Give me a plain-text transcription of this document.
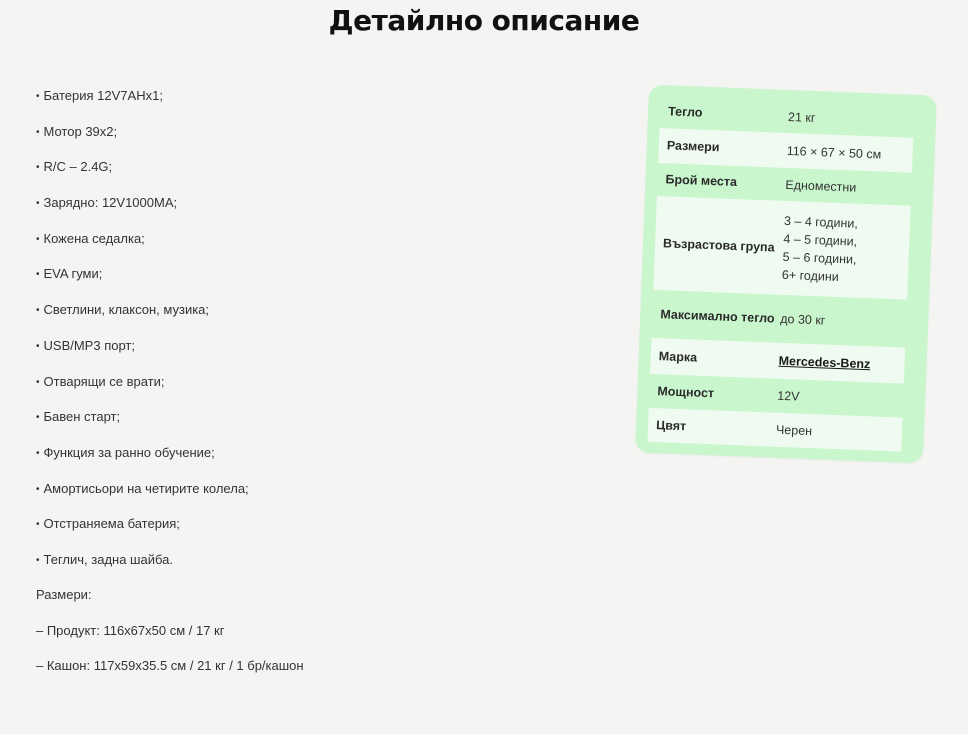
Детайлно описание
• Батерия 12V7AHx1;
• Мотор 39x2;
• R/C – 2.4G;
• Зарядно: 12V1000MA;
• Кожена седалка;
• EVA гуми;
• Светлини, клаксон, музика;
• USB/MP3 порт;
• Отварящи се врати;
• Бавен старт;
• Функция за ранно обучение;
• Амортисьори на четирите колела;
• Отстраняема батерия;
• Теглич, задна шайба.
Размери:
– Продукт: 116x67x50 см / 17 кг
– Кашон: 117x59x35.5 см / 21 кг / 1 бр/кашон
Тегло	21 кг
Размери	116 × 67 × 50 см
Брой места	Едноместни
Възрастова група
3 – 4 години,
4 – 5 години,
5 – 6 години,
6+ години
Максимално тегло до 30 кг
Марка	Mercedes-Benz
Мощност	12V
Цвят	Черен
